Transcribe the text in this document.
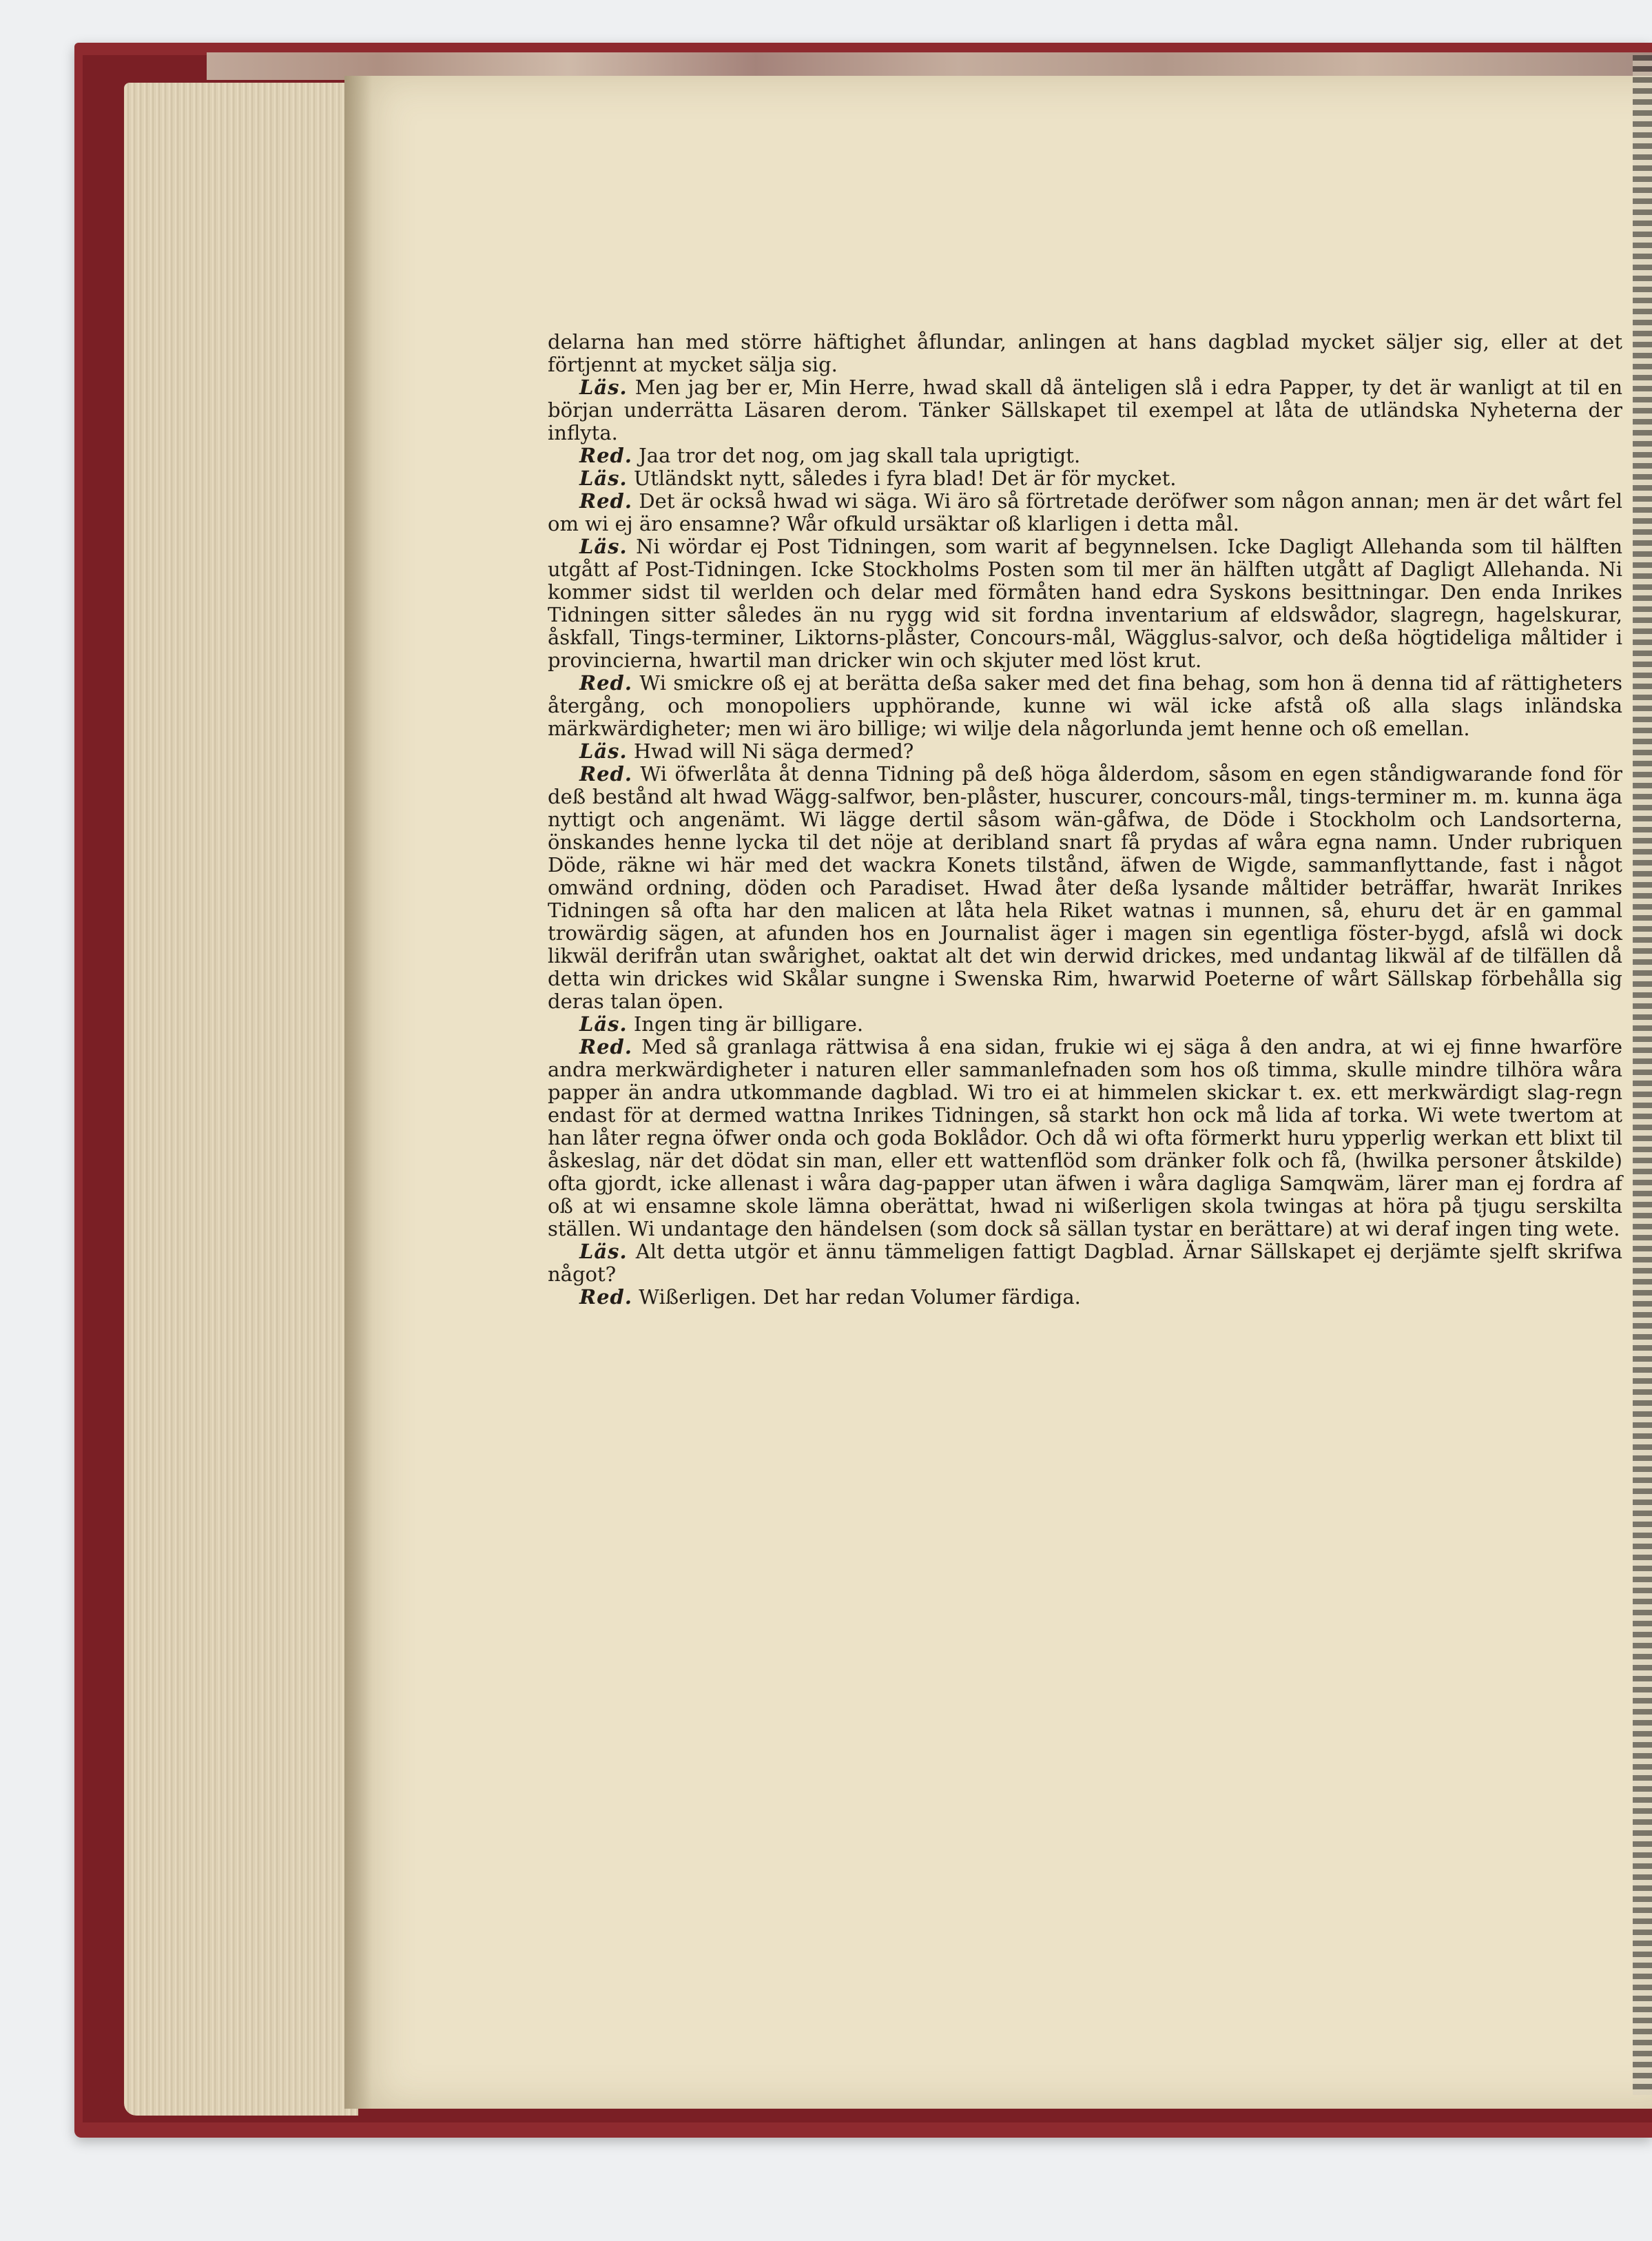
delarna han med större häftighet åflundar, anlingen at hans dagblad mycket säljer sig, eller at det förtjennt at mycket sälja sig.

Läs. Men jag ber er, Min Herre, hwad skall då änteligen slå i edra Papper, ty det är wanligt at til en början underrätta Läsaren derom. Tänker Sällskapet til exempel at låta de utländska Nyheterna der inflyta.

Red. Jaa tror det nog, om jag skall tala uprigtigt.

Läs. Utländskt nytt, således i fyra blad! Det är för mycket.

Red. Det är också hwad wi säga. Wi äro så förtretade deröfwer som någon annan; men är det wårt fel om wi ej äro ensamne? Wår ofkuld ursäktar oß klarligen i detta mål.

Läs. Ni wördar ej Post Tidningen, som warit af begynnelsen. Icke Dagligt Allehanda som til hälften utgått af Post-Tidningen. Icke Stockholms Posten som til mer än hälften utgått af Dagligt Allehanda. Ni kommer sidst til werlden och delar med förmåten hand edra Syskons besittningar. Den enda Inrikes Tidningen sitter således än nu rygg wid sit fordna inventarium af eldswådor, slagregn, hagelskurar, åskfall, Tings-terminer, Liktorns-plåster, Concours-mål, Wägglus-salvor, och deßa högtideliga måltider i provincierna, hwartil man dricker win och skjuter med löst krut.

Red. Wi smickre oß ej at berätta deßa saker med det fina behag, som hon ä denna tid af rättigheters återgång, och monopoliers upphörande, kunne wi wäl icke afstå oß alla slags inländska märkwärdigheter; men wi äro billige; wi wilje dela någorlunda jemt henne och oß emellan.

Läs. Hwad will Ni säga dermed?

Red. Wi öfwerlåta åt denna Tidning på deß höga ålderdom, såsom en egen ståndigwarande fond för deß bestånd alt hwad Wägg-salfwor, ben-plåster, huscurer, concours-mål, tings-terminer m. m. kunna äga nyttigt och angenämt. Wi lägge dertil såsom wän-gåfwa, de Döde i Stockholm och Landsorterna, önskandes henne lycka til det nöje at deribland snart få prydas af wåra egna namn. Under rubriquen Döde, räkne wi här med det wackra Konets tilstånd, äfwen de Wigde, sammanflyttande, fast i något omwänd ordning, döden och Paradiset. Hwad åter deßa lysande måltider beträffar, hwarät Inrikes Tidningen så ofta har den malicen at låta hela Riket watnas i munnen, så, ehuru det är en gammal trowärdig sägen, at afunden hos en Journalist äger i magen sin egentliga föster-bygd, afslå wi dock likwäl derifrån utan swårighet, oaktat alt det win derwid drickes, med undantag likwäl af de tilfällen då detta win drickes wid Skålar sungne i Swenska Rim, hwarwid Poeterne of wårt Sällskap förbehålla sig deras talan öpen.

Läs. Ingen ting är billigare.

Red. Med så granlaga rättwisa å ena sidan, frukie wi ej säga å den andra, at wi ej finne hwarföre andra merkwärdigheter i naturen eller sammanlefnaden som hos oß timma, skulle mindre tilhöra wåra papper än andra utkommande dagblad. Wi tro ei at himmelen skickar t. ex. ett merkwärdigt slag-regn endast för at dermed wattna Inrikes Tidningen, så starkt hon ock må lida af torka. Wi wete twertom at han låter regna öfwer onda och goda Boklådor. Och då wi ofta förmerkt huru ypperlig werkan ett blixt til åskeslag, när det dödat sin man, eller ett wattenflöd som dränker folk och få, (hwilka personer åtskilde) ofta gjordt, icke allenast i wåra dag-papper utan äfwen i wåra dagliga Samqwäm, lärer man ej fordra af oß at wi ensamne skole lämna oberättat, hwad ni wißerligen skola twingas at höra på tjugu serskilta ställen. Wi undantage den händelsen (som dock så sällan tystar en berättare) at wi deraf ingen ting wete.

Läs. Alt detta utgör et ännu tämmeligen fattigt Dagblad. Ärnar Sällskapet ej derjämte sjelft skrifwa något?

Red. Wißerligen. Det har redan Volumer färdiga.
